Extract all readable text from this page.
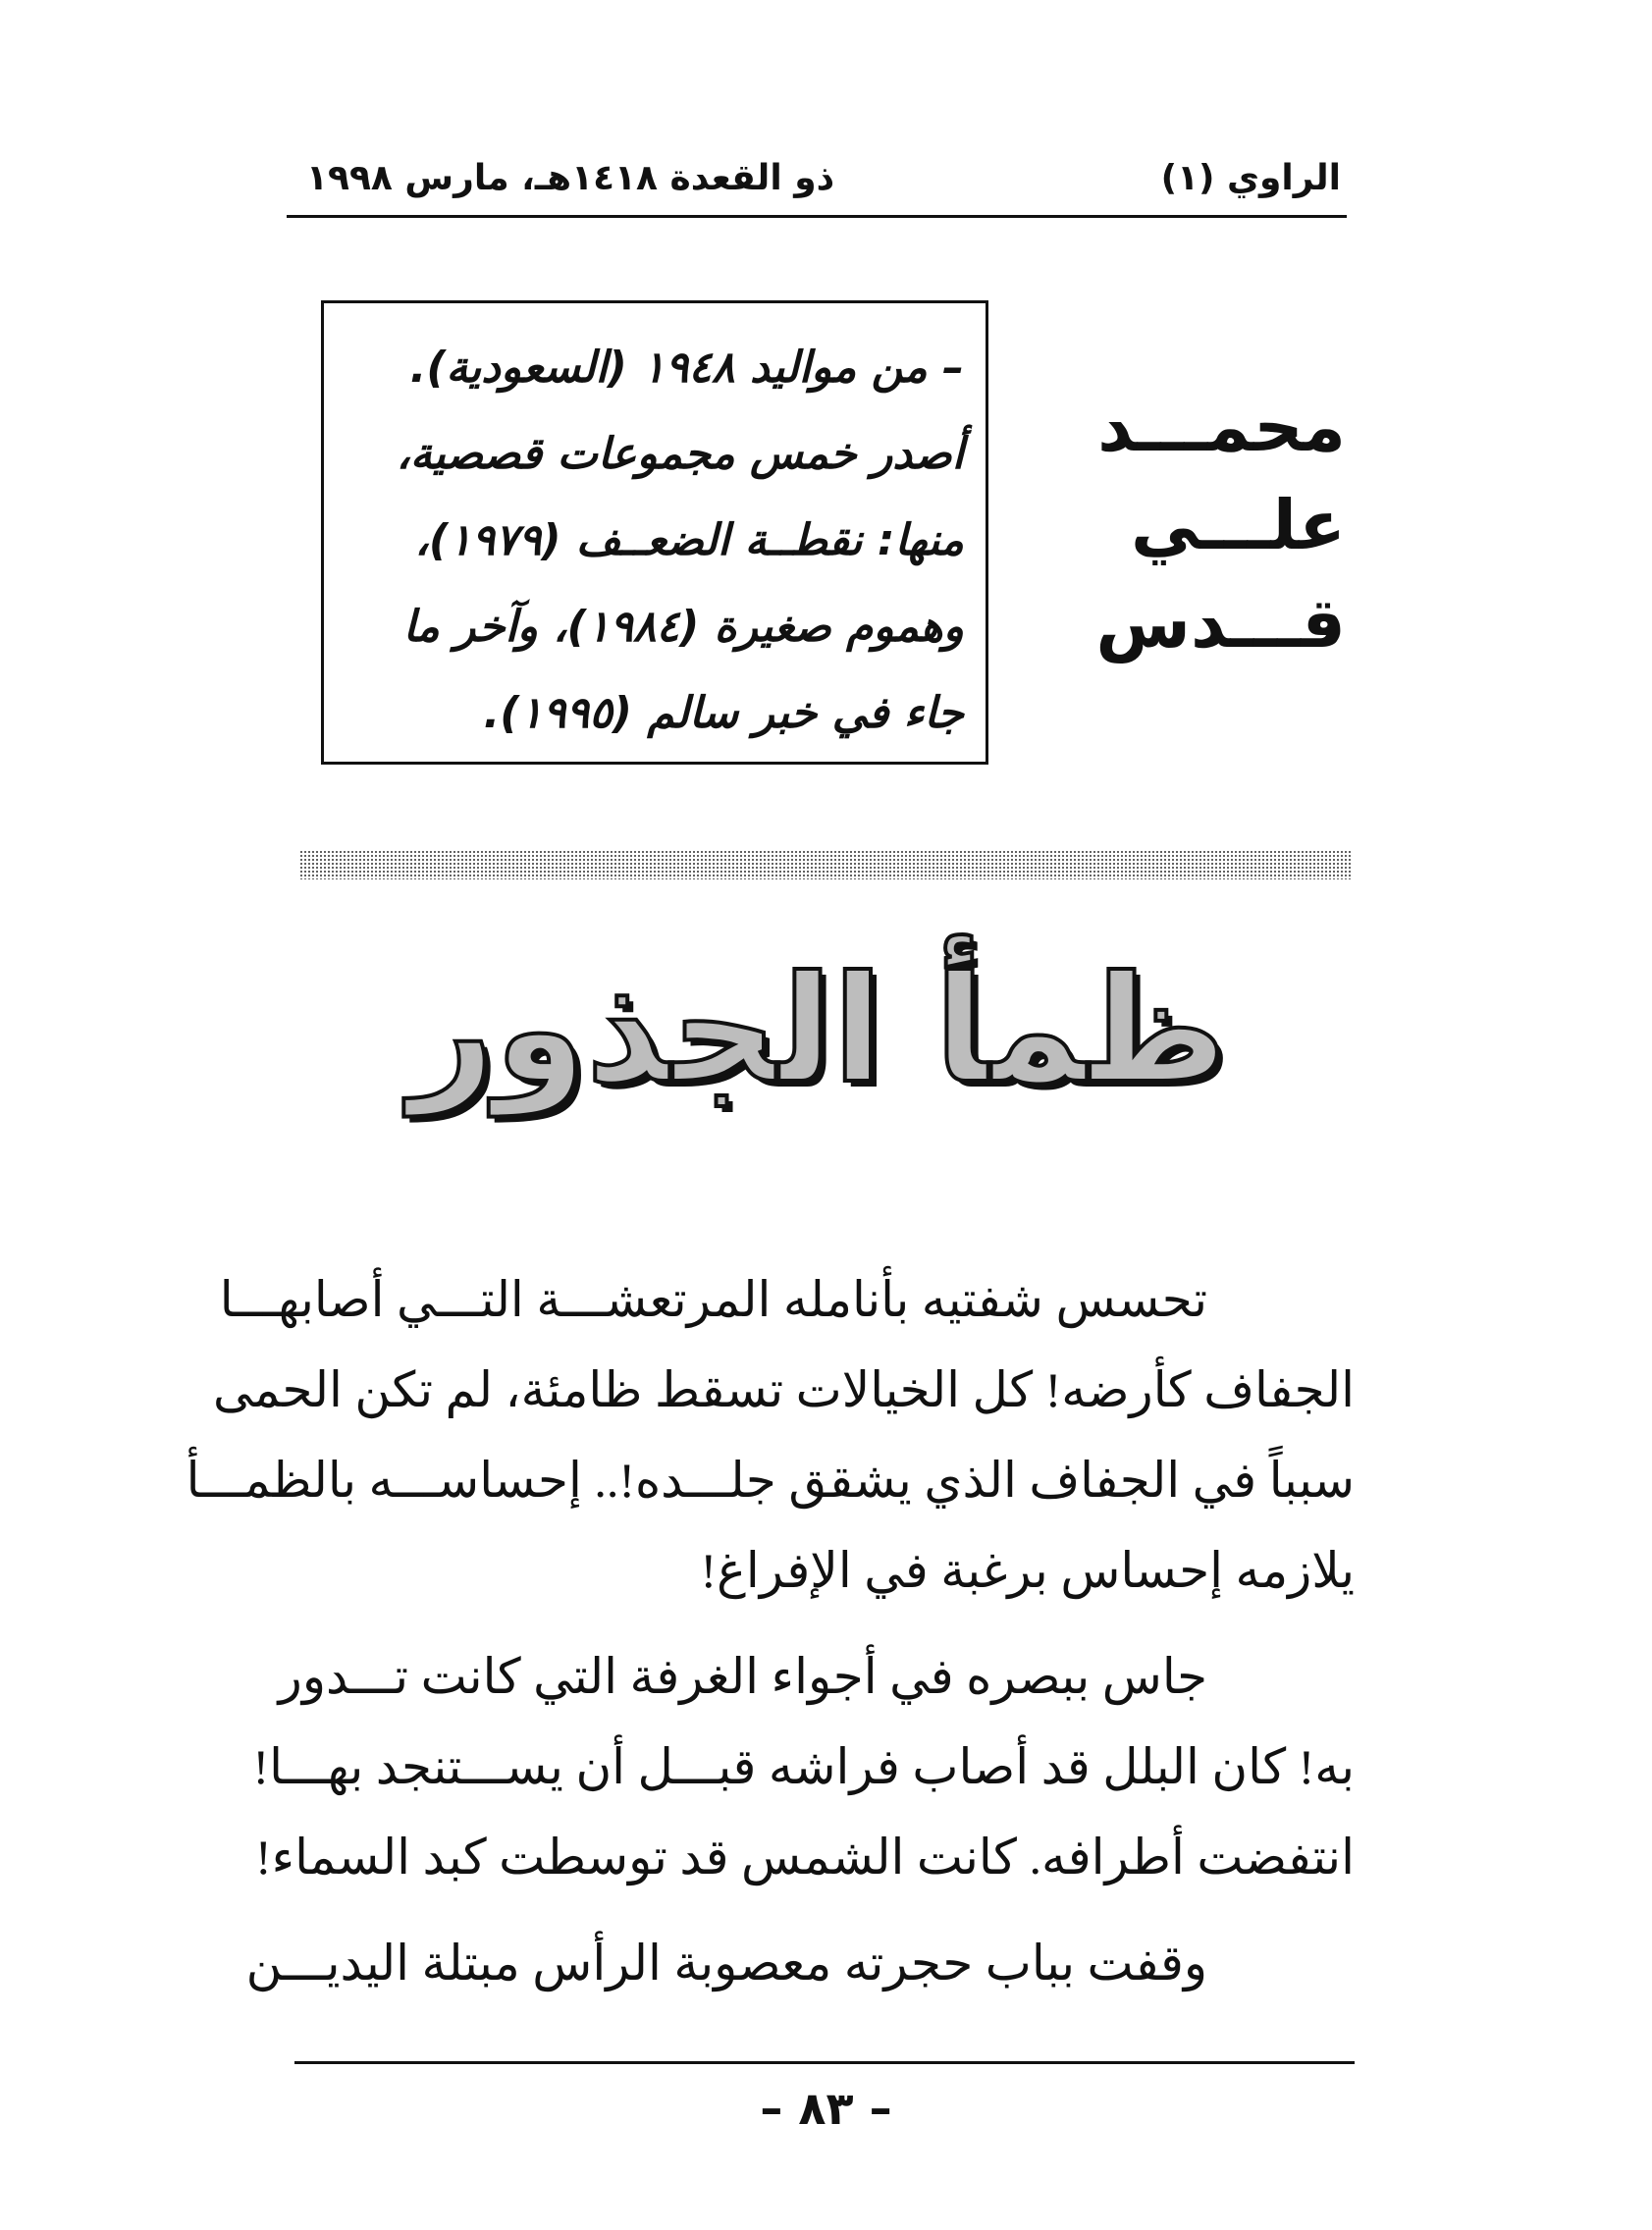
الراوي (١)
ذو القعدة ١٤١٨هـ، مارس ١٩٩٨
محمـــد
علـــي
قـــدس
– من مواليد ١٩٤٨ (السعودية).
أصدر خمس مجموعات قصصية،
منها: نقطــة الضعــف (١٩٧٩)،
وهموم صغيرة (١٩٨٤)، وآخر ما
جاء في خبر سالم (١٩٩٥).
ظمأ الجذور
تحسس شفتيه بأنامله المرتعشـــة التـــي أصابهـــا
الجفاف كأرضه! كل الخيالات تسقط ظامئة، لم تكن الحمى
سبباً في الجفاف الذي يشقق جلـــده!.. إحساســـه بالظمـــأ
يلازمه إحساس برغبة في الإفراغ!
جاس ببصره في أجواء الغرفة التي كانت تـــدور
به! كان البلل قد أصاب فراشه قبـــل أن يســـتنجد بهـــا!
انتفضت أطرافه. كانت الشمس قد توسطت كبد السماء!
وقفت بباب حجرته معصوبة الرأس مبتلة اليديـــن
– ٨٣ –
